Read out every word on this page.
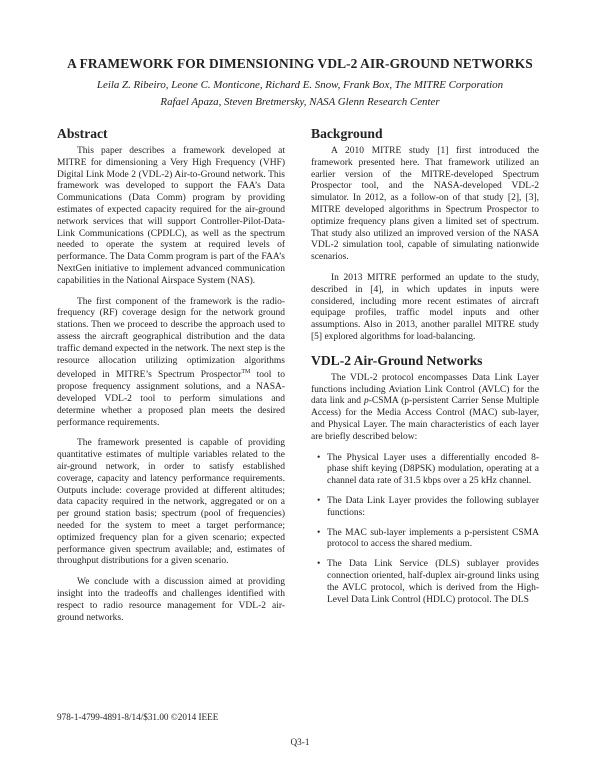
A FRAMEWORK FOR DIMENSIONING VDL-2 AIR-GROUND NETWORKS
Leila Z. Ribeiro, Leone C. Monticone, Richard E. Snow, Frank Box, The MITRE Corporation
Rafael Apaza, Steven Bretmersky, NASA Glenn Research Center
Abstract

This paper describes a framework developed at MITRE for dimensioning a Very High Frequency (VHF) Digital Link Mode 2 (VDL-2) Air-to-Ground network. This framework was developed to support the FAA’s Data Communications (Data Comm) program by providing estimates of expected capacity required for the air-ground network services that will support Controller-Pilot-Data-Link Communications (CPDLC), as well as the spectrum needed to operate the system at required levels of performance. The Data Comm program is part of the FAA’s NextGen initiative to implement advanced communication capabilities in the National Airspace System (NAS).

The first component of the framework is the radio-frequency (RF) coverage design for the network ground stations. Then we proceed to describe the approach used to assess the aircraft geographical distribution and the data traffic demand expected in the network. The next step is the resource allocation utilizing optimization algorithms developed in MITRE’s Spectrum Prospector™ tool to propose frequency assignment solutions, and a NASA-developed VDL-2 tool to perform simulations and determine whether a proposed plan meets the desired performance requirements.

The framework presented is capable of providing quantitative estimates of multiple variables related to the air-ground network, in order to satisfy established coverage, capacity and latency performance requirements. Outputs include: coverage provided at different altitudes; data capacity required in the network, aggregated or on a per ground station basis; spectrum (pool of frequencies) needed for the system to meet a target performance; optimized frequency plan for a given scenario; expected performance given spectrum available; and, estimates of throughput distributions for a given scenario.

We conclude with a discussion aimed at providing insight into the tradeoffs and challenges identified with respect to radio resource management for VDL-2 air-ground networks.

Background

A 2010 MITRE study [1] first introduced the framework presented here. That framework utilized an earlier version of the MITRE-developed Spectrum Prospector tool, and the NASA-developed VDL-2 simulator. In 2012, as a follow-on of that study [2], [3], MITRE developed algorithms in Spectrum Prospector to optimize frequency plans given a limited set of spectrum. That study also utilized an improved version of the NASA VDL-2 simulation tool, capable of simulating nationwide scenarios.

In 2013 MITRE performed an update to the study, described in [4], in which updates in inputs were considered, including more recent estimates of aircraft equipage profiles, traffic model inputs and other assumptions. Also in 2013, another parallel MITRE study [5] explored algorithms for load-balancing.

VDL-2 Air-Ground Networks

The VDL-2 protocol encompasses Data Link Layer functions including Aviation Link Control (AVLC) for the data link and p-CSMA (p-persistent Carrier Sense Multiple Access) for the Media Access Control (MAC) sub-layer, and Physical Layer. The main characteristics of each layer are briefly described below:

• The Physical Layer uses a differentially encoded 8-phase shift keying (D8PSK) modulation, operating at a channel data rate of 31.5 kbps over a 25 kHz channel.
• The Data Link Layer provides the following sublayer functions:
• The MAC sub-layer implements a p-persistent CSMA protocol to access the shared medium.
• The Data Link Service (DLS) sublayer provides connection oriented, half-duplex air-ground links using the AVLC protocol, which is derived from the High-Level Data Link Control (HDLC) protocol. The DLS
978-1-4799-4891-8/14/$31.00 ©2014 IEEE
Q3-1
